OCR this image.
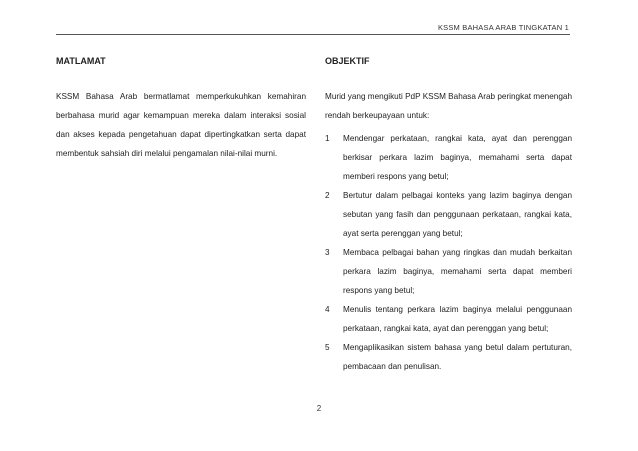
KSSM BAHASA ARAB TINGKATAN 1
MATLAMAT

KSSM Bahasa Arab bermatlamat memperkukuhkan kemahiran berbahasa murid agar kemampuan mereka dalam interaksi sosial dan akses kepada pengetahuan dapat dipertingkatkan serta dapat membentuk sahsiah diri melalui pengamalan nilai-nilai murni.

OBJEKTIF

Murid yang mengikuti PdP KSSM Bahasa Arab peringkat menengah rendah berkeupayaan untuk:

1	Mendengar perkataan, rangkai kata, ayat dan perenggan berkisar perkara lazim baginya, memahami serta dapat memberi respons yang betul;
2	Bertutur dalam pelbagai konteks yang lazim baginya dengan sebutan yang fasih dan penggunaan perkataan, rangkai kata, ayat serta perenggan yang betul;
3	Membaca pelbagai bahan yang ringkas dan mudah berkaitan perkara lazim baginya, memahami serta dapat memberi respons yang betul;
4	Menulis tentang perkara lazim baginya melalui penggunaan perkataan, rangkai kata, ayat dan perenggan yang betul;
5	Mengaplikasikan sistem bahasa yang betul dalam pertuturan, pembacaan dan penulisan.
2
